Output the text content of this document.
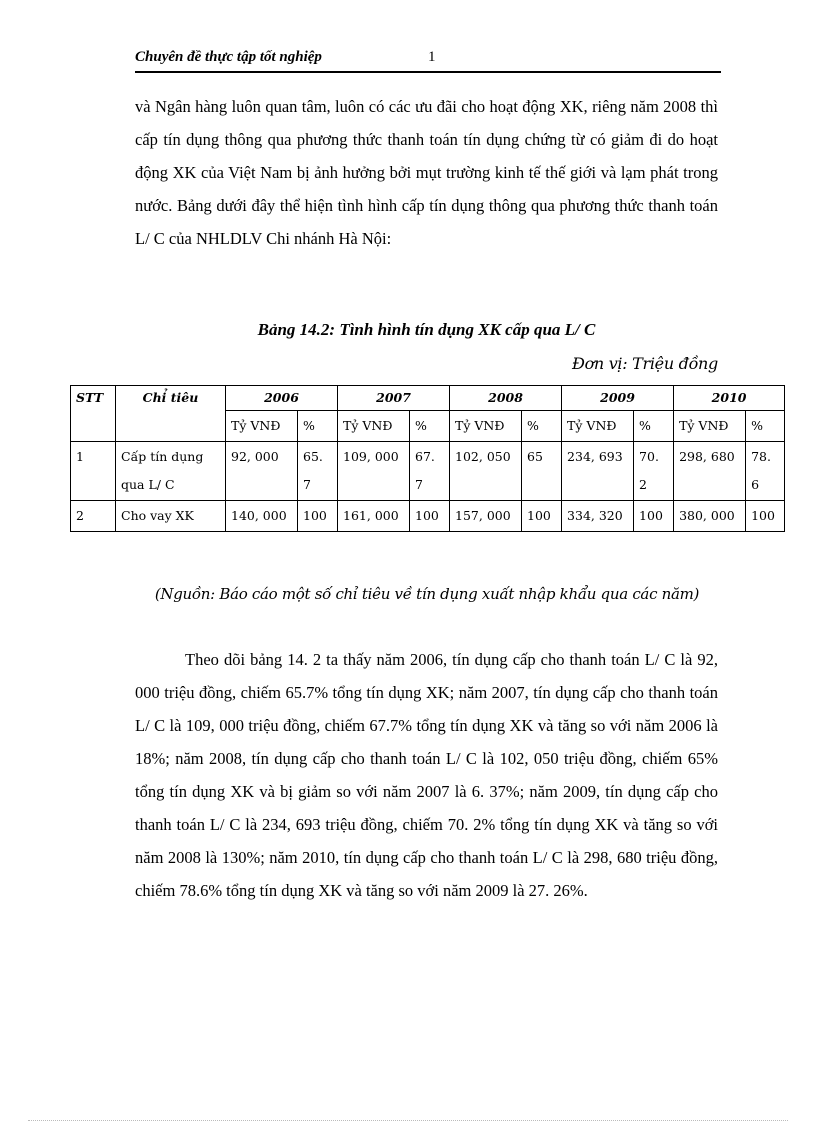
Chuyên đề thực tập tốt nghiệp	1

và Ngân hàng luôn quan tâm, luôn có các ưu đãi cho hoạt động XK, riêng năm 2008 thì cấp tín dụng thông qua phương thức thanh toán tín dụng chứng từ có giảm đi do hoạt động XK của Việt Nam bị ảnh hưởng bởi mụt trường kinh tế thế giới và lạm phát trong nước. Bảng dưới đây thể hiện tình hình cấp tín dụng thông qua phương thức thanh toán L/ C của NHLDLV Chi nhánh Hà Nội:

Bảng 14.2: Tình hình tín dụng XK cấp qua L/ C
Đơn vị: Triệu đồng
STT	Chỉ tiêu	2006		2007		2008		2009		2010	
		Tỷ VNĐ	%	Tỷ VNĐ	%	Tỷ VNĐ	%	Tỷ VNĐ	%	Tỷ VNĐ	%
1	Cấp tín dụng qua L/ C	92, 000	65. 7	109, 000	67. 7	102, 050	65	234, 693	70. 2	298, 680	78. 6
2	Cho vay XK	140, 000	100	161, 000	100	157, 000	100	334, 320	100	380, 000	100
(Nguồn: Báo cáo một số chỉ tiêu về tín dụng xuất nhập khẩu qua các năm)

Theo dõi bảng 14. 2 ta thấy năm 2006, tín dụng cấp cho thanh toán L/ C là 92, 000 triệu đồng, chiếm 65.7% tổng tín dụng XK; năm 2007, tín dụng cấp cho thanh toán L/ C là 109, 000 triệu đồng, chiếm 67.7% tổng tín dụng XK và tăng so với năm 2006 là 18%; năm 2008, tín dụng cấp cho thanh toán L/ C là 102, 050 triệu đồng, chiếm 65% tổng tín dụng XK và bị giảm so với năm 2007 là 6. 37%; năm 2009, tín dụng cấp cho thanh toán L/ C là 234, 693 triệu đồng, chiếm 70. 2% tổng tín dụng XK và tăng so với năm 2008 là 130%; năm 2010, tín dụng cấp cho thanh toán L/ C là 298, 680 triệu đồng, chiếm 78.6% tổng tín dụng XK và tăng so với năm 2009 là 27. 26%.
